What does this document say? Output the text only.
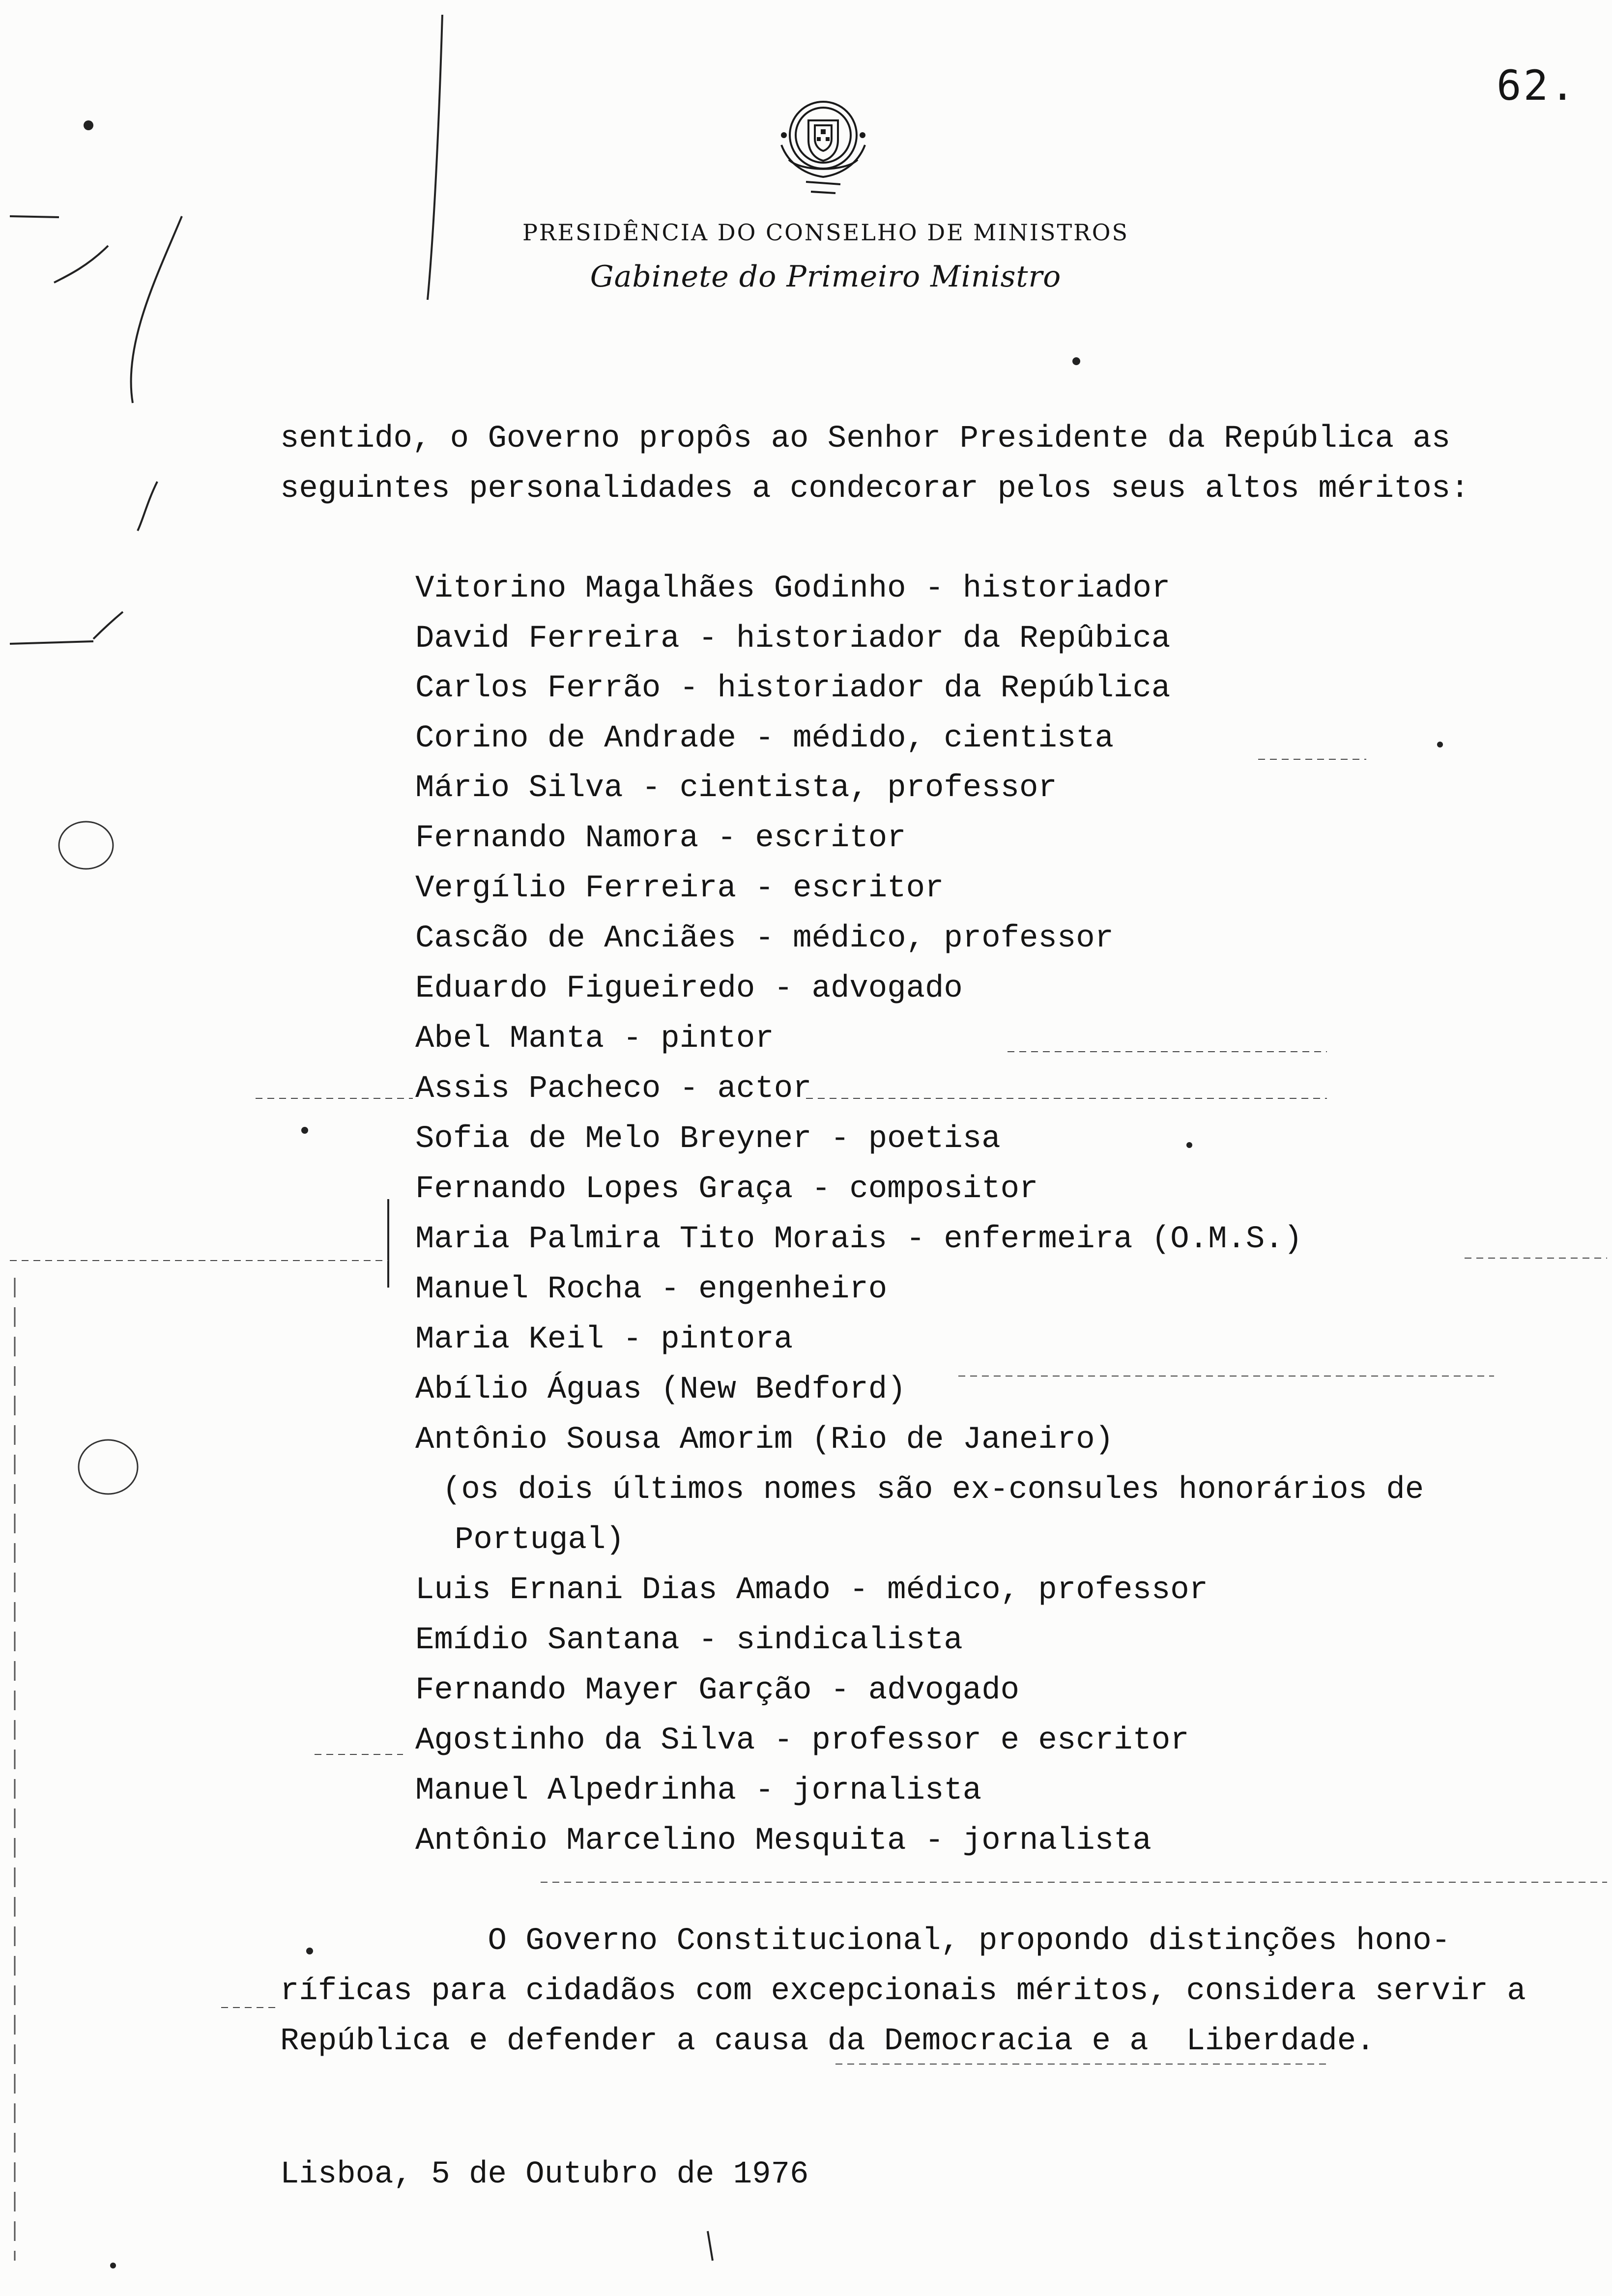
62.
PRESIDÊNCIA DO CONSELHO DE MINISTROS
Gabinete do Primeiro Ministro
sentido, o Governo propôs ao Senhor Presidente da República as
seguintes personalidades a condecorar pelos seus altos méritos:
Vitorino Magalhães Godinho - historiador
David Ferreira - historiador da Repûbica
Carlos Ferrão - historiador da República
Corino de Andrade - médido, cientista
Mário Silva - cientista, professor
Fernando Namora - escritor
Vergílio Ferreira - escritor
Cascão de Anciães - médico, professor
Eduardo Figueiredo - advogado
Abel Manta - pintor
Assis Pacheco - actor
Sofia de Melo Breyner - poetisa
Fernando Lopes Graça - compositor
Maria Palmira Tito Morais - enfermeira (O.M.S.)
Manuel Rocha - engenheiro
Maria Keil - pintora
Abílio Águas (New Bedford)
Antônio Sousa Amorim (Rio de Janeiro)
(os dois últimos nomes são ex-consules honorários de
Portugal)
Luis Ernani Dias Amado - médico, professor
Emídio Santana - sindicalista
Fernando Mayer Garção - advogado
Agostinho da Silva - professor e escritor
Manuel Alpedrinha - jornalista
Antônio Marcelino Mesquita - jornalista
O Governo Constitucional, propondo distinções hono-
ríficas para cidadãos com excepcionais méritos, considera servir a
República e defender a causa da Democracia e a  Liberdade.
Lisboa, 5 de Outubro de 1976
